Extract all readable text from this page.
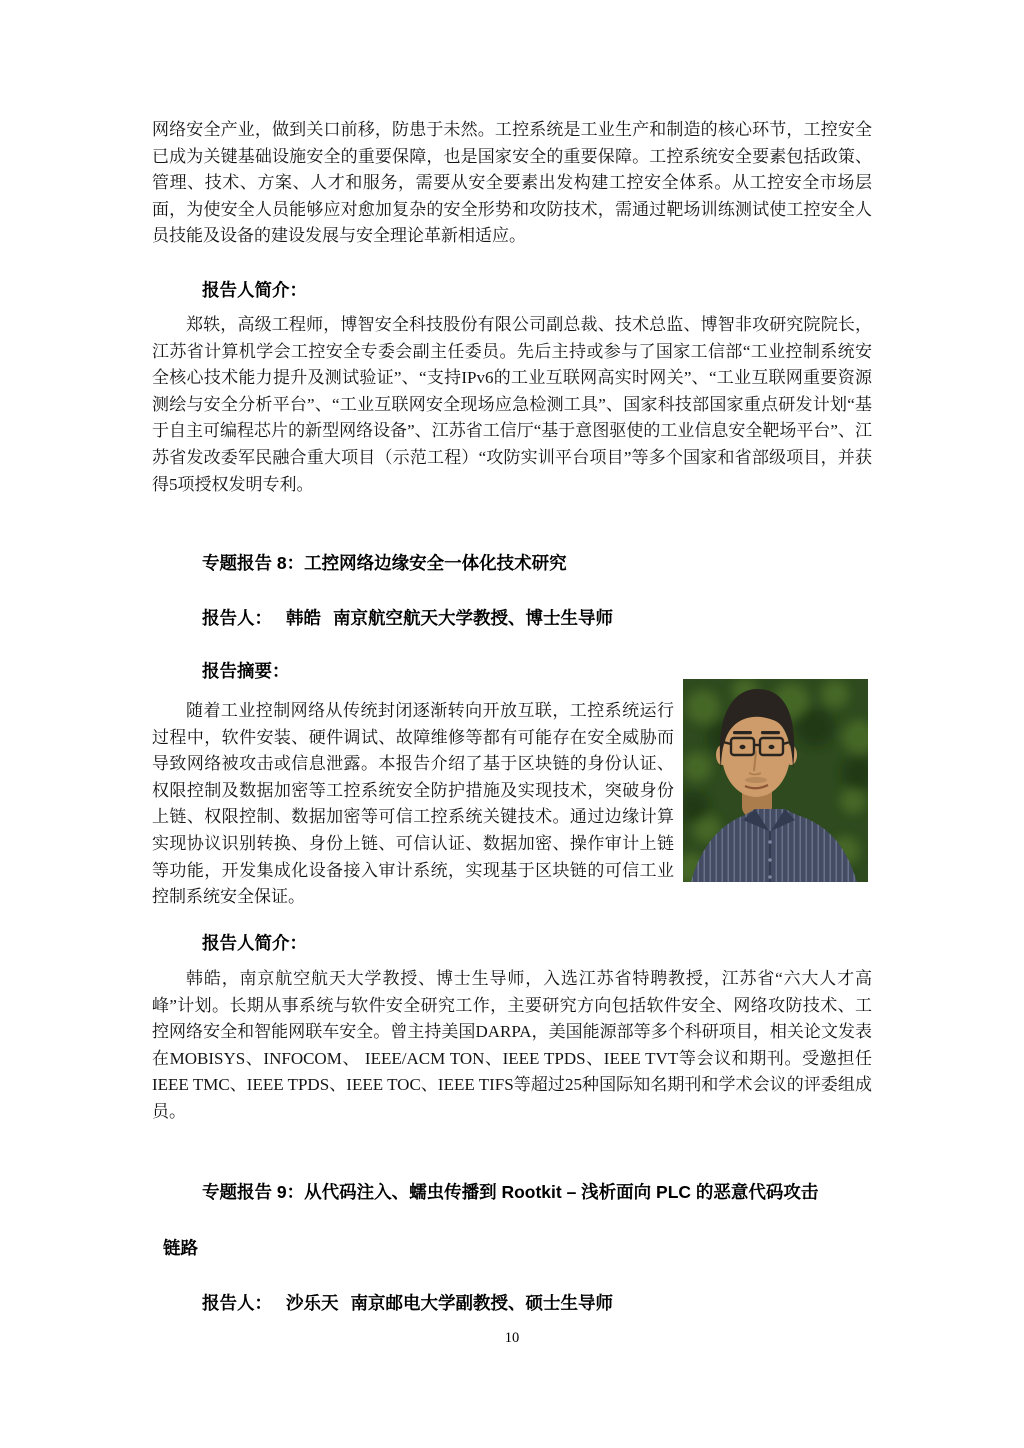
网络安全产业，做到关口前移，防患于未然。工控系统是工业生产和制造的核心环节，工控安全已成为关键基础设施安全的重要保障，也是国家安全的重要保障。工控系统安全要素包括政策、管理、技术、方案、人才和服务，需要从安全要素出发构建工控安全体系。从工控安全市场层面，为使安全人员能够应对愈加复杂的安全形势和攻防技术，需通过靶场训练测试使工控安全人员技能及设备的建设发展与安全理论革新相适应。

报告人简介：

郑轶，高级工程师，博智安全科技股份有限公司副总裁、技术总监、博智非攻研究院院长，江苏省计算机学会工控安全专委会副主任委员。先后主持或参与了国家工信部“工业控制系统安全核心技术能力提升及测试验证”、“支持IPv6的工业互联网高实时网关”、“工业互联网重要资源测绘与安全分析平台”、“工业互联网安全现场应急检测工具”、国家科技部国家重点研发计划“基于自主可编程芯片的新型网络设备”、江苏省工信厅“基于意图驱使的工业信息安全靶场平台”、江苏省发改委军民融合重大项目（示范工程）“攻防实训平台项目”等多个国家和省部级项目，并获得5项授权发明专利。

专题报告 8：工控网络边缘安全一体化技术研究
报告人： 韩皓 南京航空航天大学教授、博士生导师
报告摘要：

随着工业控制网络从传统封闭逐渐转向开放互联，工控系统运行过程中，软件安装、硬件调试、故障维修等都有可能存在安全威胁而导致网络被攻击或信息泄露。本报告介绍了基于区块链的身份认证、权限控制及数据加密等工控系统安全防护措施及实现技术，突破身份上链、权限控制、数据加密等可信工控系统关键技术。通过边缘计算实现协议识别转换、身份上链、可信认证、数据加密、操作审计上链等功能，开发集成化设备接入审计系统，实现基于区块链的可信工业控制系统安全保证。

报告人简介：

韩皓，南京航空航天大学教授、博士生导师，入选江苏省特聘教授，江苏省“六大人才高峰”计划。长期从事系统与软件安全研究工作，主要研究方向包括软件安全、网络攻防技术、工控网络安全和智能网联车安全。曾主持美国DARPA，美国能源部等多个科研项目，相关论文发表在MOBISYS、INFOCOM、 IEEE/ACM TON、IEEE TPDS、IEEE TVT等会议和期刊。受邀担任IEEE TMC、IEEE TPDS、IEEE TOC、IEEE TIFS等超过25种国际知名期刊和学术会议的评委组成员。

专题报告 9：从代码注入、蠕虫传播到 Rootkit – 浅析面向 PLC 的恶意代码攻击
链路
报告人： 沙乐天 南京邮电大学副教授、硕士生导师
10
